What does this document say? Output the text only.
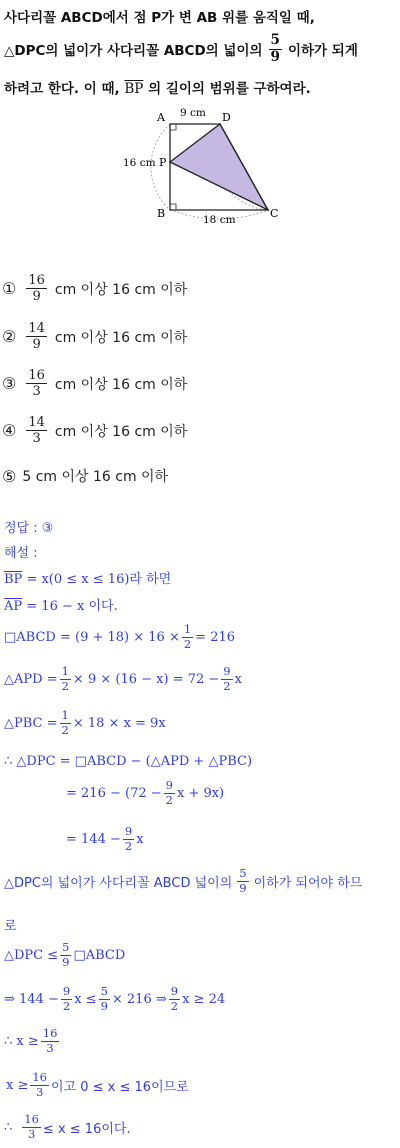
사다리꼴 ABCD에서 점 P가 변 AB 위를 움직일 때,
△DPC의 넓이가 사다리꼴 ABCD의 넓이의 $\frac{5}{9}$ 이하가 되게
하려고 한다. 이 때, $\overline{BP}$ 의 길이의 범위를 구하여라.
A	D
B	C
P
9 cm
16 cm
18 cm
① $\frac{16}{9}$ cm 이상 16 cm 이하
② $\frac{14}{9}$ cm 이상 16 cm 이하
③ $\frac{16}{3}$ cm 이상 16 cm 이하
④ $\frac{14}{3}$ cm 이상 16 cm 이하
⑤ 5 cm 이상 16 cm 이하
정답 : ③
해설 :
$\overline{BP} = x(0 \le x \le 16)$라 하면
$\overline{AP} = 16 - x$ 이다.
□ABCD = $(9 + 18) \times 16 \times \frac{1}{2} = 216$
△APD = $\frac{1}{2} \times 9 \times (16 - x) = 72 - \frac{9}{2}$ x
△PBC = $\frac{1}{2} \times 18 \times x = 9x$
∴ △DPC = □ABCD − (△APD + △PBC)
= $216 - (72 - \frac{9}{2}$ x + 9x)
= $144 - \frac{9}{2}$ x
△DPC의 넓이가 사다리꼴 ABCD 넓이의 $\frac{5}{9}$ 이하가 되어야 하므
로
△DPC ≤ $\frac{5}{9}$ □ABCD
⇒ $144 - \frac{9}{2}$ $x \le \frac{5}{9} \times 216$ ⇒ $\frac{9}{2}$ x ≥ 24
∴ $x \ge \frac{16}{3}$
$x \ge \frac{16}{3}$ 이고 0 ≤ x ≤ 16이므로
∴ $\frac{16}{3} \le x \le 16$이다.
